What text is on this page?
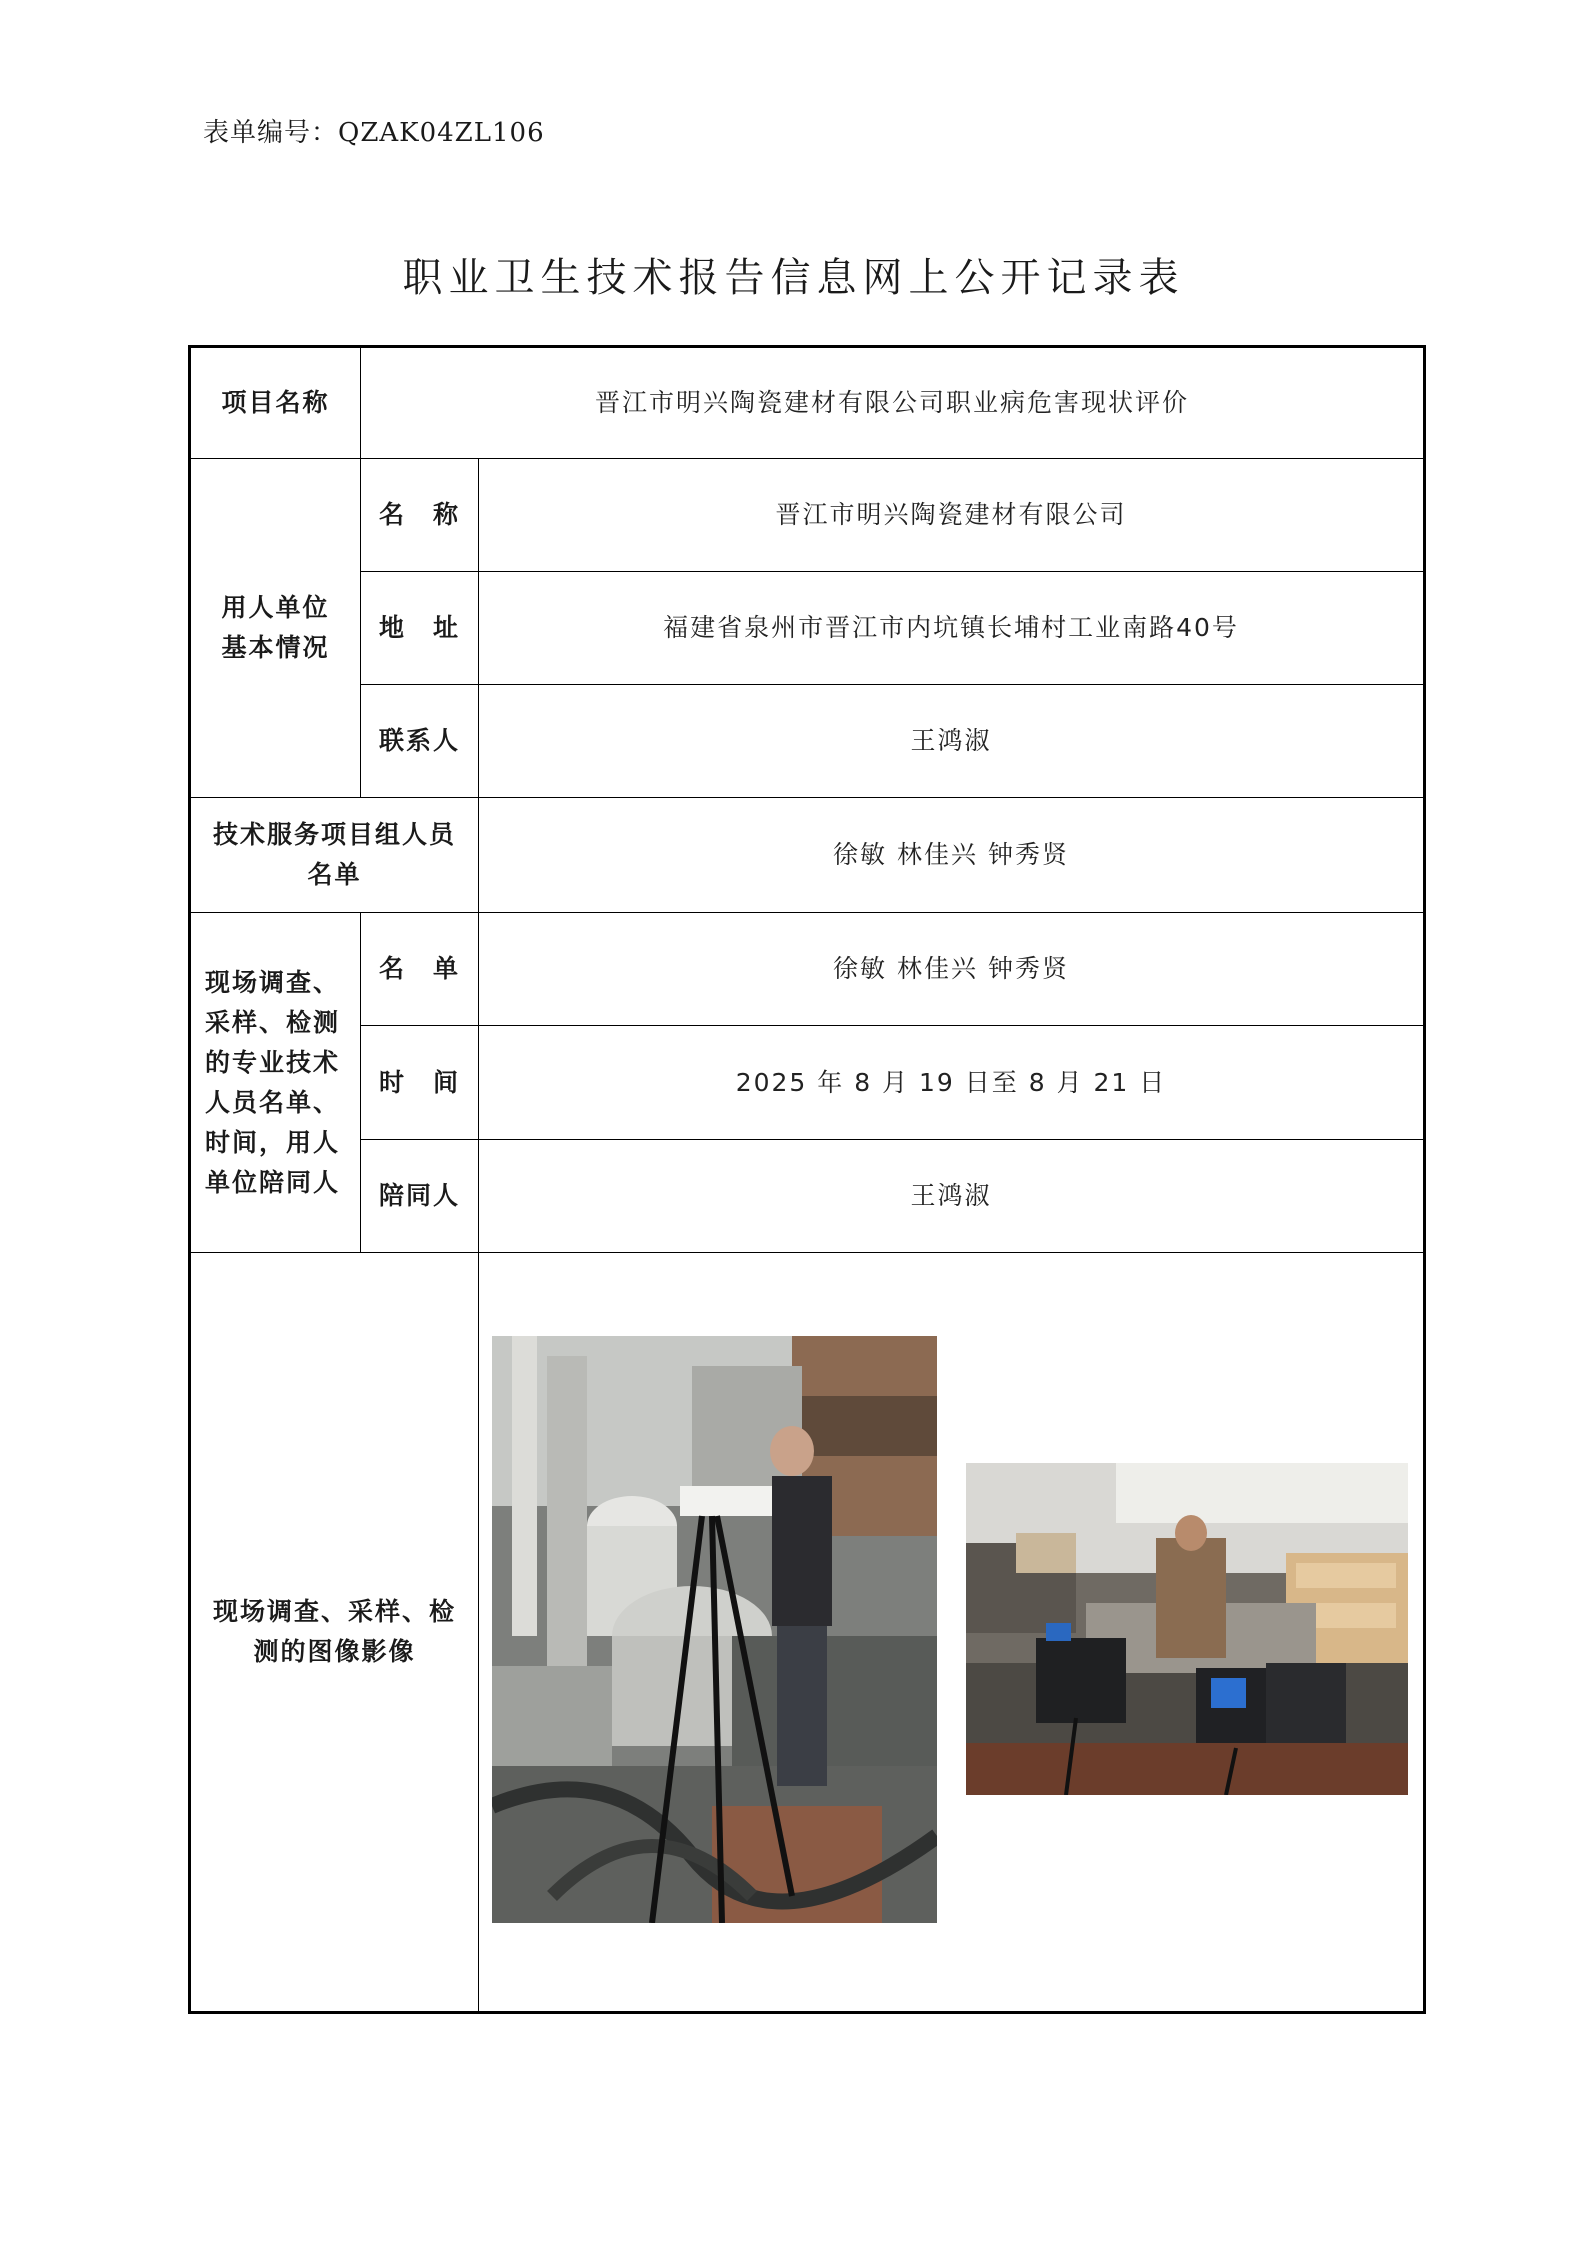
表单编号：QZAK04ZL106
职业卫生技术报告信息网上公开记录表
项目名称	晋江市明兴陶瓷建材有限公司职业病危害现状评价	

用人单位
基本情况	名　称	晋江市明兴陶瓷建材有限公司
	地　址	福建省泉州市晋江市内坑镇长埔村工业南路40号
	联系人	王鸿淑
技术服务项目组人员名单		徐敏 林佳兴 钟秀贤
现场调查、采样、检测的专业技术人员名单、时间，用人单位陪同人	名　单	徐敏 林佳兴 钟秀贤
	时　间	2025 年 8 月 19 日至 8 月 21 日
	陪同人	王鸿淑
现场调查、采样、检测的图像影像	
